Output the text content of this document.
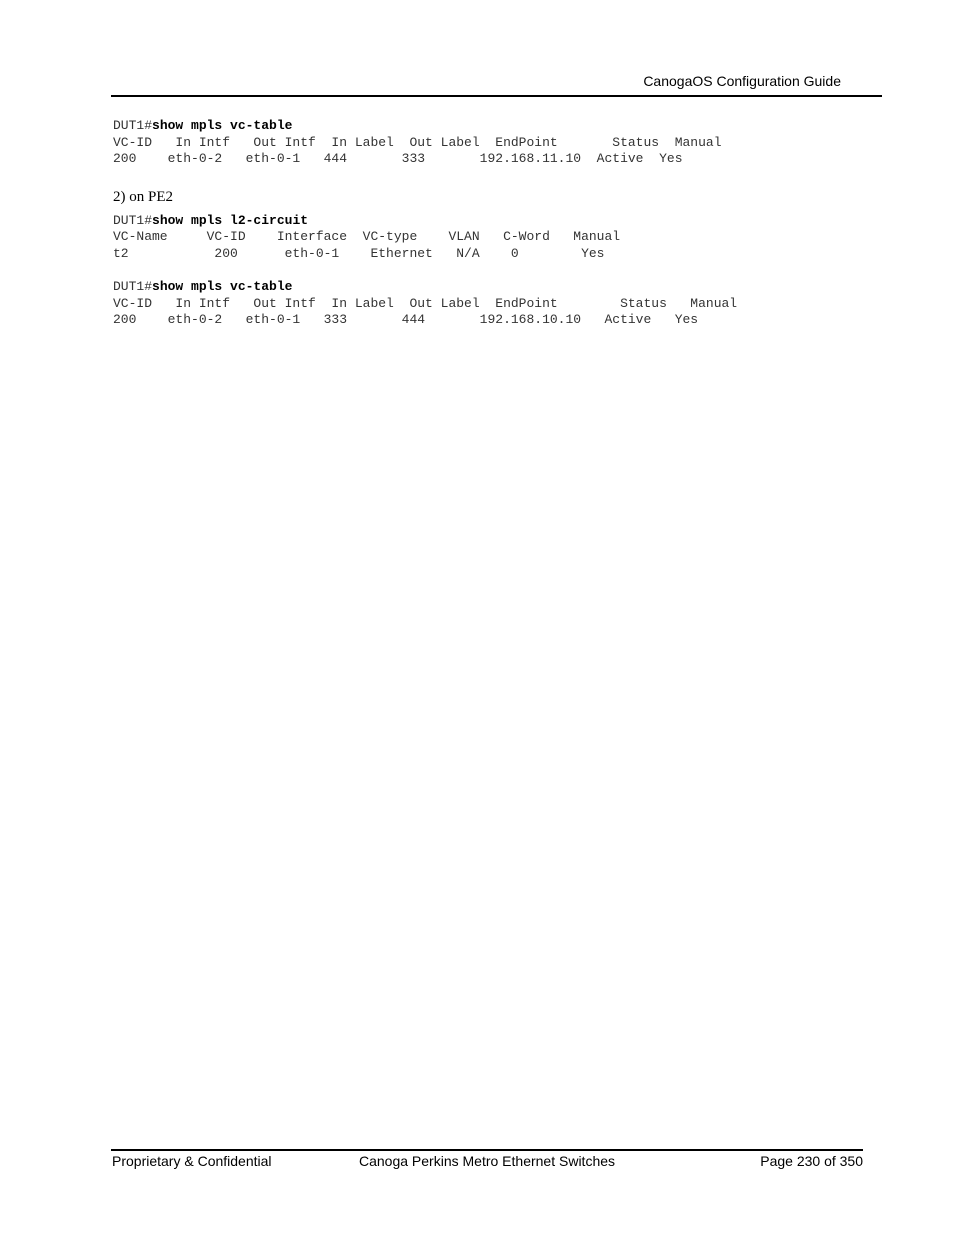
CanogaOS Configuration Guide
DUT1#show mpls vc-table
VC-ID   In Intf   Out Intf  In Label  Out Label  EndPoint       Status  Manual
200    eth-0-2   eth-0-1   444       333       192.168.11.10  Active  Yes
2) on PE2
DUT1#show mpls l2-circuit
VC-Name     VC-ID    Interface  VC-type    VLAN   C-Word   Manual
t2           200      eth-0-1    Ethernet   N/A    0        Yes
DUT1#show mpls vc-table
VC-ID   In Intf   Out Intf  In Label  Out Label  EndPoint        Status   Manual
200    eth-0-2   eth-0-1   333       444       192.168.10.10   Active   Yes
Proprietary & Confidential	Canoga Perkins Metro Ethernet Switches	Page 230 of 350
